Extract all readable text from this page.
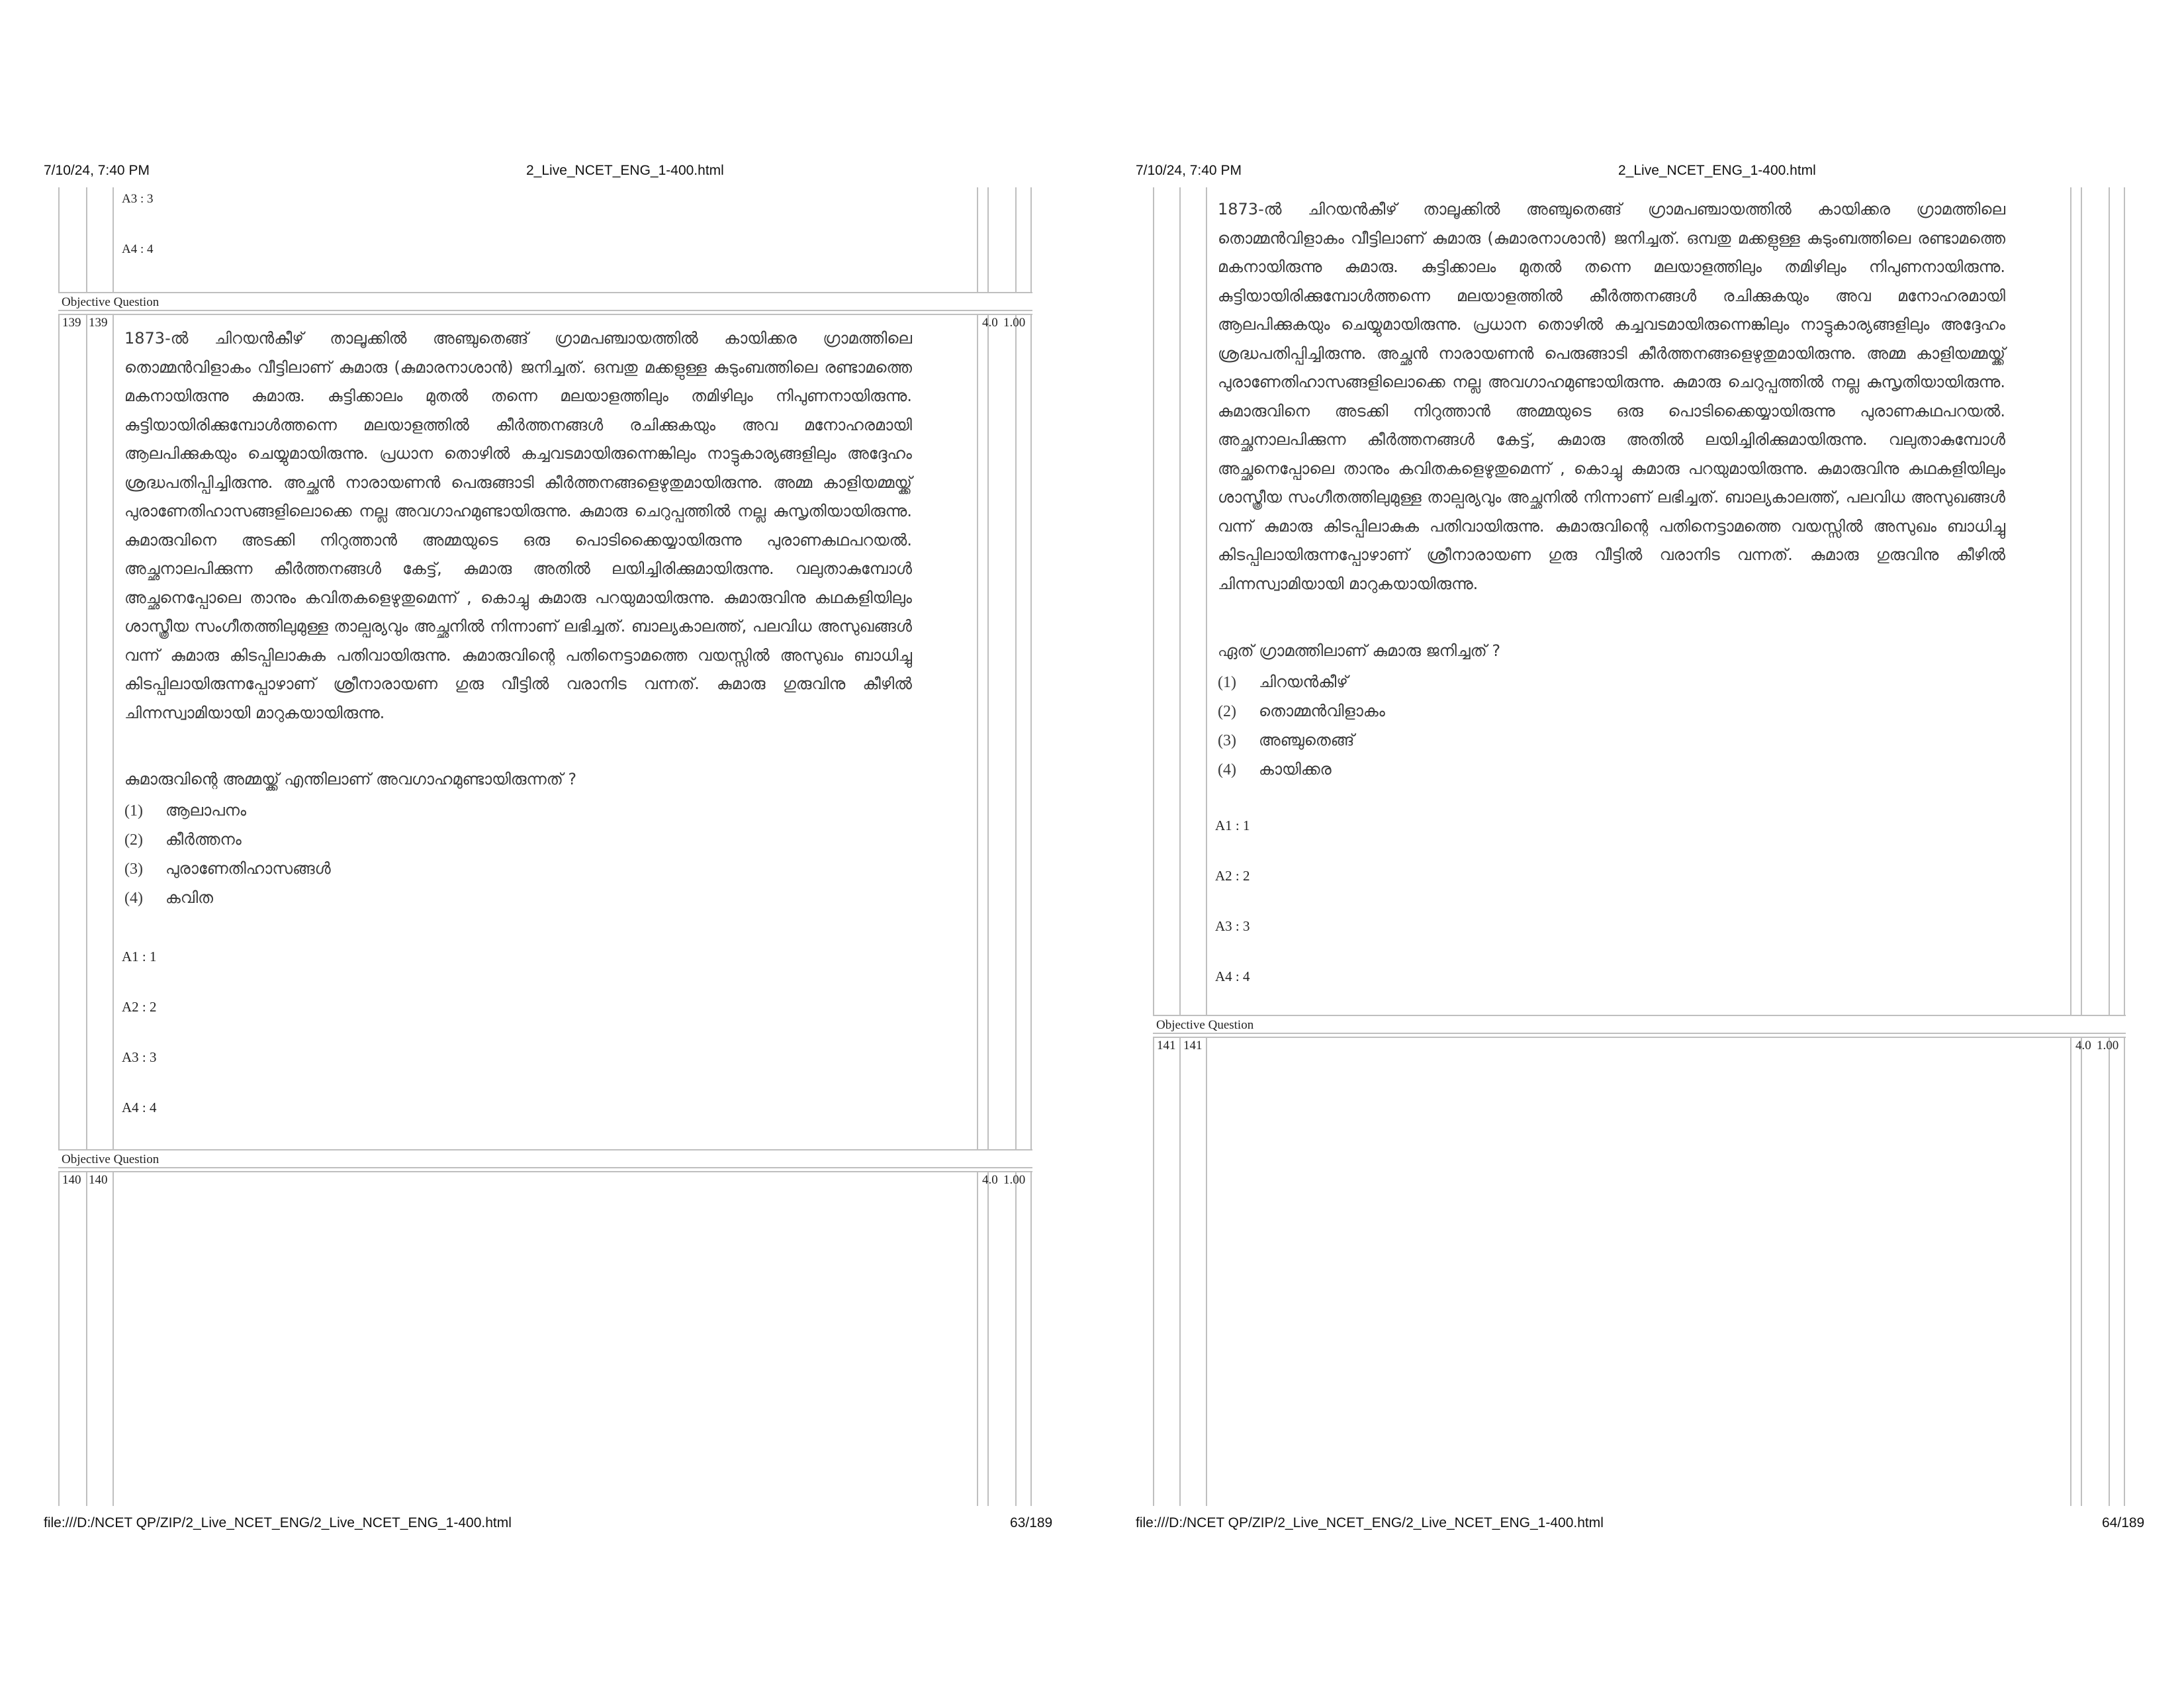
7/10/24, 7:40 PM	2_Live_NCET_ENG_1-400.html
A3 : 3
A4 : 4
Objective Question
139 139	4.0 1.00
1873-ൽ ചിറയൻകീഴ് താലൂക്കിൽ അഞ്ചുതെങ്ങ് ഗ്രാമപഞ്ചായത്തിൽ കായിക്കര ഗ്രാമത്തിലെ തൊമ്മൻവിളാകം വീട്ടിലാണ് കുമാരു (കുമാരനാശാൻ) ജനിച്ചത്. ഒമ്പതു മക്കളുള്ള കുടുംബത്തിലെ രണ്ടാമത്തെ മകനായിരുന്നു കുമാരു. കുട്ടിക്കാലം മുതൽ തന്നെ മലയാളത്തിലും തമിഴിലും നിപുണനായിരുന്നു. കുട്ടിയായിരിക്കുമ്പോൾത്തന്നെ മലയാളത്തിൽ കീർത്തനങ്ങൾ രചിക്കുകയും അവ മനോഹരമായി ആലപിക്കുകയും ചെയ്യുമായിരുന്നു. പ്രധാന തൊഴിൽ കച്ചവടമായിരുന്നെങ്കിലും നാട്ടുകാര്യങ്ങളിലും അദ്ദേഹം ശ്രദ്ധപതിപ്പിച്ചിരുന്നു. അച്ഛൻ നാരായണൻ പെരുങ്ങാടി കീർത്തനങ്ങളെഴുതുമായിരുന്നു. അമ്മ കാളിയമ്മയ്ക്ക് പുരാണേതിഹാസങ്ങളിലൊക്കെ നല്ല അവഗാഹമുണ്ടായിരുന്നു. കുമാരു ചെറുപ്പത്തിൽ നല്ല കുസൃതിയായിരുന്നു. കുമാരുവിനെ അടക്കി നിറുത്താൻ അമ്മയുടെ ഒരു പൊടിക്കൈയ്യായിരുന്നു പുരാണകഥപറയൽ. അച്ഛനാലപിക്കുന്ന കീർത്തനങ്ങൾ കേട്ട്, കുമാരു അതിൽ ലയിച്ചിരിക്കുമായിരുന്നു. വലുതാകുമ്പോൾ അച്ഛനെപ്പോലെ താനും കവിതകളെഴുതുമെന്ന് , കൊച്ചു കുമാരു പറയുമായിരുന്നു. കുമാരുവിനു കഥകളിയിലും ശാസ്ത്രീയ സംഗീതത്തിലുമുള്ള താല്പര്യവും അച്ഛനിൽ നിന്നാണ് ലഭിച്ചത്. ബാല്യകാലത്ത്, പലവിധ അസുഖങ്ങൾ വന്ന് കുമാരു കിടപ്പിലാകുക പതിവായിരുന്നു. കുമാരുവിന്റെ പതിനെട്ടാമത്തെ വയസ്സിൽ അസുഖം ബാധിച്ചു കിടപ്പിലായിരുന്നപ്പോഴാണ് ശ്രീനാരായണ ഗുരു വീട്ടിൽ വരാനിട വന്നത്. കുമാരു ഗുരുവിനു കീഴിൽ ചിന്നസ്വാമിയായി മാറുകയായിരുന്നു.
കുമാരുവിന്റെ അമ്മയ്ക്ക് എന്തിലാണ് അവഗാഹമുണ്ടായിരുന്നത് ?
(1) ആലാപനം
(2) കീർത്തനം
(3) പുരാണേതിഹാസങ്ങൾ
(4) കവിത
A1 : 1
A2 : 2
A3 : 3
A4 : 4
Objective Question
140 140	4.0 1.00
file:///D:/NCET QP/ZIP/2_Live_NCET_ENG/2_Live_NCET_ENG_1-400.html	63/189
7/10/24, 7:40 PM	2_Live_NCET_ENG_1-400.html
1873-ൽ ചിറയൻകീഴ് താലൂക്കിൽ അഞ്ചുതെങ്ങ് ഗ്രാമപഞ്ചായത്തിൽ കായിക്കര ഗ്രാമത്തിലെ തൊമ്മൻവിളാകം വീട്ടിലാണ് കുമാരു (കുമാരനാശാൻ) ജനിച്ചത്. ഒമ്പതു മക്കളുള്ള കുടുംബത്തിലെ രണ്ടാമത്തെ മകനായിരുന്നു കുമാരു. കുട്ടിക്കാലം മുതൽ തന്നെ മലയാളത്തിലും തമിഴിലും നിപുണനായിരുന്നു. കുട്ടിയായിരിക്കുമ്പോൾത്തന്നെ മലയാളത്തിൽ കീർത്തനങ്ങൾ രചിക്കുകയും അവ മനോഹരമായി ആലപിക്കുകയും ചെയ്യുമായിരുന്നു. പ്രധാന തൊഴിൽ കച്ചവടമായിരുന്നെങ്കിലും നാട്ടുകാര്യങ്ങളിലും അദ്ദേഹം ശ്രദ്ധപതിപ്പിച്ചിരുന്നു. അച്ഛൻ നാരായണൻ പെരുങ്ങാടി കീർത്തനങ്ങളെഴുതുമായിരുന്നു. അമ്മ കാളിയമ്മയ്ക്ക് പുരാണേതിഹാസങ്ങളിലൊക്കെ നല്ല അവഗാഹമുണ്ടായിരുന്നു. കുമാരു ചെറുപ്പത്തിൽ നല്ല കുസൃതിയായിരുന്നു. കുമാരുവിനെ അടക്കി നിറുത്താൻ അമ്മയുടെ ഒരു പൊടിക്കൈയ്യായിരുന്നു പുരാണകഥപറയൽ. അച്ഛനാലപിക്കുന്ന കീർത്തനങ്ങൾ കേട്ട്, കുമാരു അതിൽ ലയിച്ചിരിക്കുമായിരുന്നു. വലുതാകുമ്പോൾ അച്ഛനെപ്പോലെ താനും കവിതകളെഴുതുമെന്ന് , കൊച്ചു കുമാരു പറയുമായിരുന്നു. കുമാരുവിനു കഥകളിയിലും ശാസ്ത്രീയ സംഗീതത്തിലുമുള്ള താല്പര്യവും അച്ഛനിൽ നിന്നാണ് ലഭിച്ചത്. ബാല്യകാലത്ത്, പലവിധ അസുഖങ്ങൾ വന്ന് കുമാരു കിടപ്പിലാകുക പതിവായിരുന്നു. കുമാരുവിന്റെ പതിനെട്ടാമത്തെ വയസ്സിൽ അസുഖം ബാധിച്ചു കിടപ്പിലായിരുന്നപ്പോഴാണ് ശ്രീനാരായണ ഗുരു വീട്ടിൽ വരാനിട വന്നത്. കുമാരു ഗുരുവിനു കീഴിൽ ചിന്നസ്വാമിയായി മാറുകയായിരുന്നു.
ഏത് ഗ്രാമത്തിലാണ് കുമാരു ജനിച്ചത് ?
(1) ചിറയൻകീഴ്
(2) തൊമ്മൻവിളാകം
(3) അഞ്ചുതെങ്ങ്
(4) കായിക്കര
A1 : 1
A2 : 2
A3 : 3
A4 : 4
Objective Question
141 141	4.0 1.00
file:///D:/NCET QP/ZIP/2_Live_NCET_ENG/2_Live_NCET_ENG_1-400.html	64/189
